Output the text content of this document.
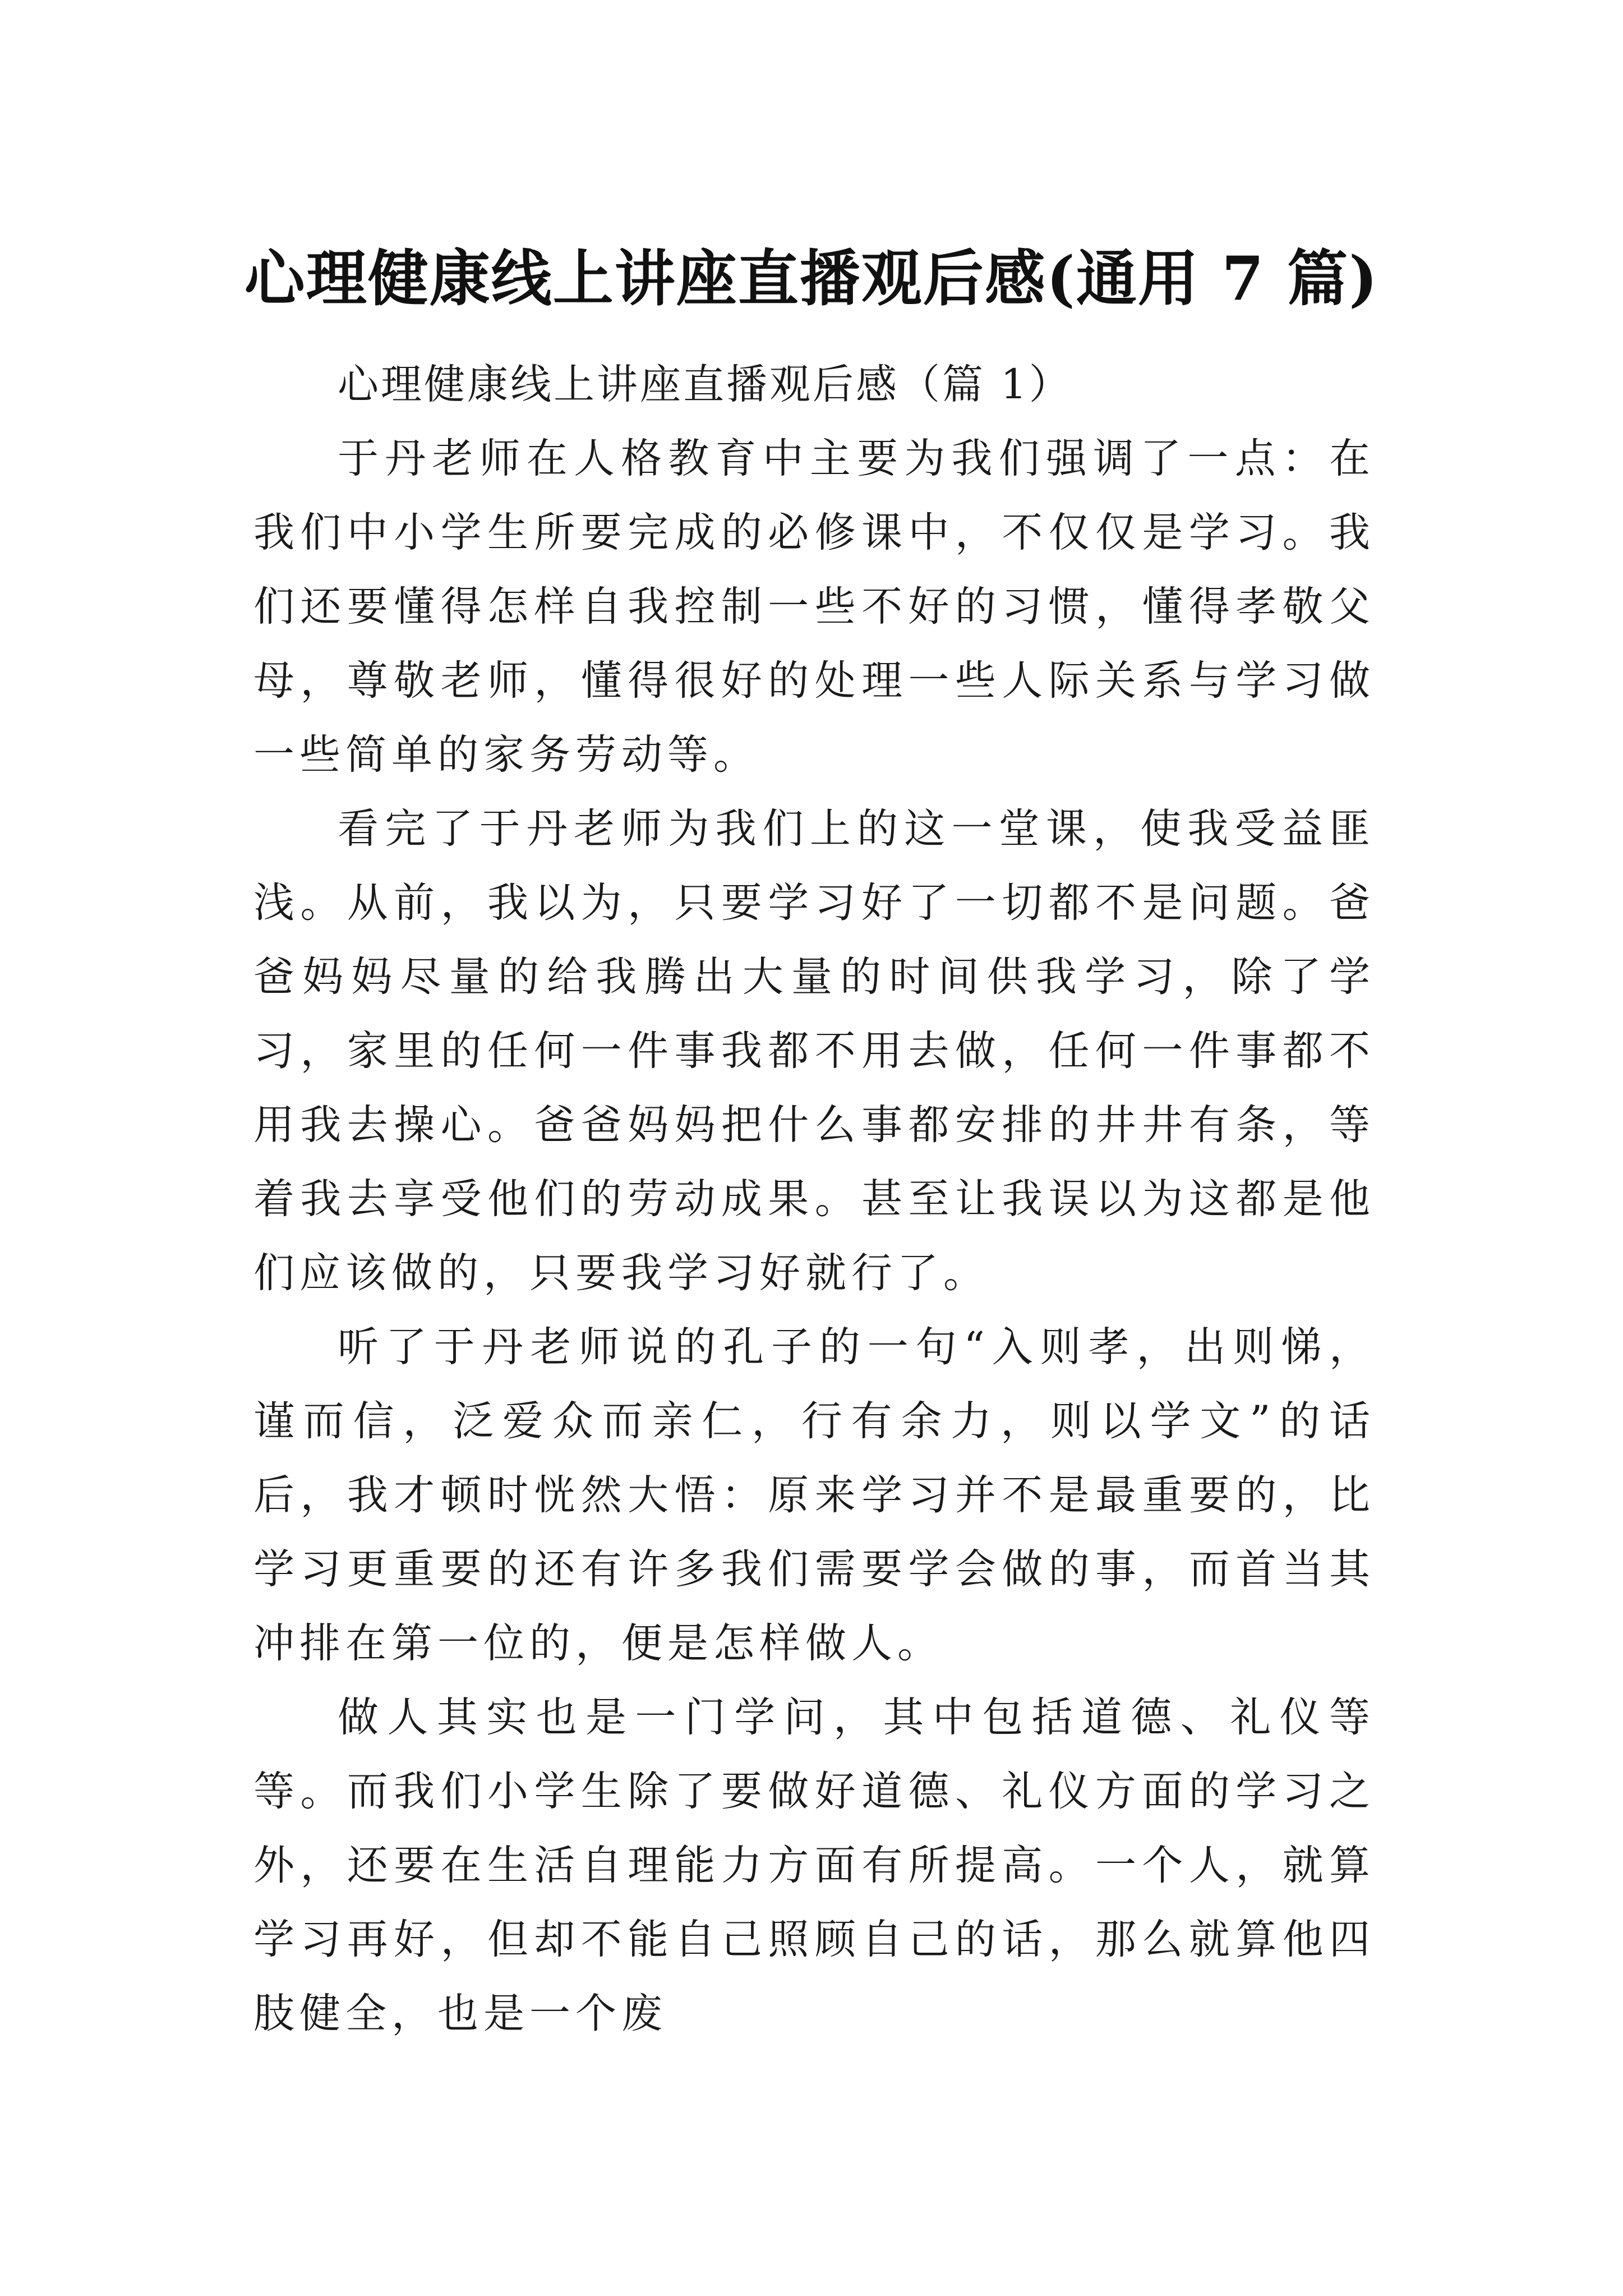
心理健康线上讲座直播观后感(通用 7 篇)

心理健康线上讲座直播观后感（篇 1）

于丹老师在人格教育中主要为我们强调了一点：在我们中小学生所要完成的必修课中，不仅仅是学习。我们还要懂得怎样自我控制一些不好的习惯，懂得孝敬父母，尊敬老师，懂得很好的处理一些人际关系与学习做一些简单的家务劳动等。

看完了于丹老师为我们上的这一堂课，使我受益匪浅。从前，我以为，只要学习好了一切都不是问题。爸爸妈妈尽量的给我腾出大量的时间供我学习，除了学习，家里的任何一件事我都不用去做，任何一件事都不用我去操心。爸爸妈妈把什么事都安排的井井有条，等着我去享受他们的劳动成果。甚至让我误以为这都是他们应该做的，只要我学习好就行了。

听了于丹老师说的孔子的一句“入则孝，出则悌，谨而信，泛爱众而亲仁，行有余力，则以学文”的话后，我才顿时恍然大悟：原来学习并不是最重要的，比学习更重要的还有许多我们需要学会做的事，而首当其冲排在第一位的，便是怎样做人。

做人其实也是一门学问，其中包括道德、礼仪等等。而我们小学生除了要做好道德、礼仪方面的学习之外，还要在生活自理能力方面有所提高。一个人，就算学习再好，但却不能自己照顾自己的话，那么就算他四肢健全，也是一个废
